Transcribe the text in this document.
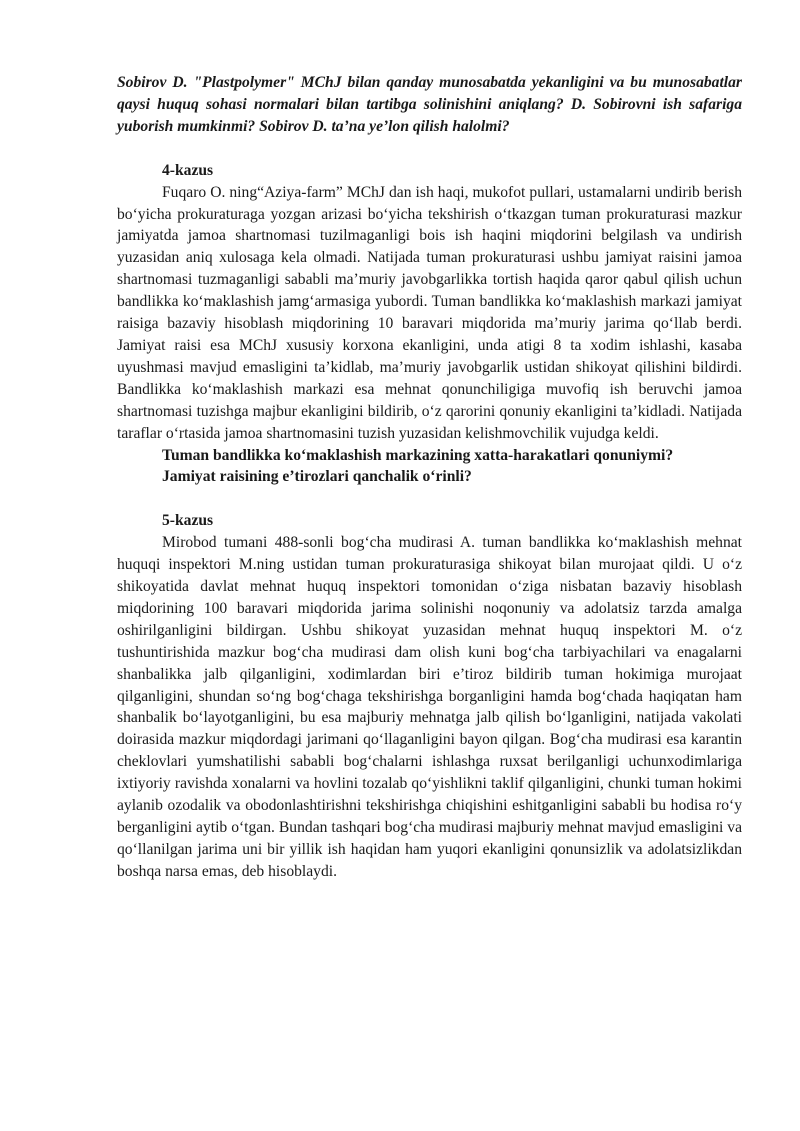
Sobirov D. "Plastpolymer" MChJ bilan qanday munosabatda yekanligini va bu munosabatlar qaysi huquq sohasi normalari bilan tartibga solinishini aniqlang? D. Sobirovni ish safariga yuborish mumkinmi? Sobirov D. ta’na ye’lon qilish halolmi?

4-kazus

Fuqaro O. ning“Aziya-farm” MChJ dan ish haqi, mukofot pullari, ustamalarni undirib berish bo‘yicha prokuraturaga yozgan arizasi bo‘yicha tekshirish o‘tkazgan tuman prokuraturasi mazkur jamiyatda jamoa shartnomasi tuzilmaganligi bois ish haqini miqdorini belgilash va undirish yuzasidan aniq xulosaga kela olmadi. Natijada tuman prokuraturasi ushbu jamiyat raisini jamoa shartnomasi tuzmaganligi sababli ma’muriy javobgarlikka tortish haqida qaror qabul qilish uchun bandlikka ko‘maklashish jamg‘armasiga yubordi. Tuman bandlikka ko‘maklashish markazi jamiyat raisiga bazaviy hisoblash miqdorining 10 baravari miqdorida ma’muriy jarima qo‘llab berdi. Jamiyat raisi esa MChJ xususiy korxona ekanligini, unda atigi 8 ta xodim ishlashi, kasaba uyushmasi mavjud emasligini ta’kidlab, ma’muriy javobgarlik ustidan shikoyat qilishini bildirdi. Bandlikka ko‘maklashish markazi esa mehnat qonunchiligiga muvofiq ish beruvchi jamoa shartnomasi tuzishga majbur ekanligini bildirib, o‘z qarorini qonuniy ekanligini ta’kidladi. Natijada taraflar o‘rtasida jamoa shartnomasini tuzish yuzasidan kelishmovchilik vujudga keldi.

Tuman bandlikka ko‘maklashish markazining xatta-harakatlari qonuniymi?

Jamiyat raisining e’tirozlari qanchalik o‘rinli?

5-kazus

Mirobod tumani 488-sonli bog‘cha mudirasi A. tuman bandlikka ko‘maklashish mehnat huquqi inspektori M.ning ustidan tuman prokuraturasiga shikoyat bilan murojaat qildi. U o‘z shikoyatida davlat mehnat huquq inspektori tomonidan o‘ziga nisbatan bazaviy hisoblash miqdorining 100 baravari miqdorida jarima solinishi noqonuniy va adolatsiz tarzda amalga oshirilganligini bildirgan. Ushbu shikoyat yuzasidan mehnat huquq inspektori M. o‘z tushuntirishida mazkur bog‘cha mudirasi dam olish kuni bog‘cha tarbiyachilari va enagalarni shanbalikka jalb qilganligini, xodimlardan biri e’tiroz bildirib tuman hokimiga murojaat qilganligini, shundan so‘ng bog‘chaga tekshirishga borganligini hamda bog‘chada haqiqatan ham shanbalik bo‘layotganligini, bu esa majburiy mehnatga jalb qilish bo‘lganligini, natijada vakolati doirasida mazkur miqdordagi jarimani qo‘llaganligini bayon qilgan. Bog‘cha mudirasi esa karantin cheklovlari yumshatilishi sababli bog‘chalarni ishlashga ruxsat berilganligi uchunxodimlariga ixtiyoriy ravishda xonalarni va hovlini tozalab qo‘yishlikni taklif qilganligini, chunki tuman hokimi aylanib ozodalik va obodonlashtirishni tekshirishga chiqishini eshitganligini sababli bu hodisa ro‘y berganligini aytib o‘tgan. Bundan tashqari bog‘cha mudirasi majburiy mehnat mavjud emasligini va qo‘llanilgan jarima uni bir yillik ish haqidan ham yuqori ekanligini qonunsizlik va adolatsizlikdan boshqa narsa emas, deb hisoblaydi.
